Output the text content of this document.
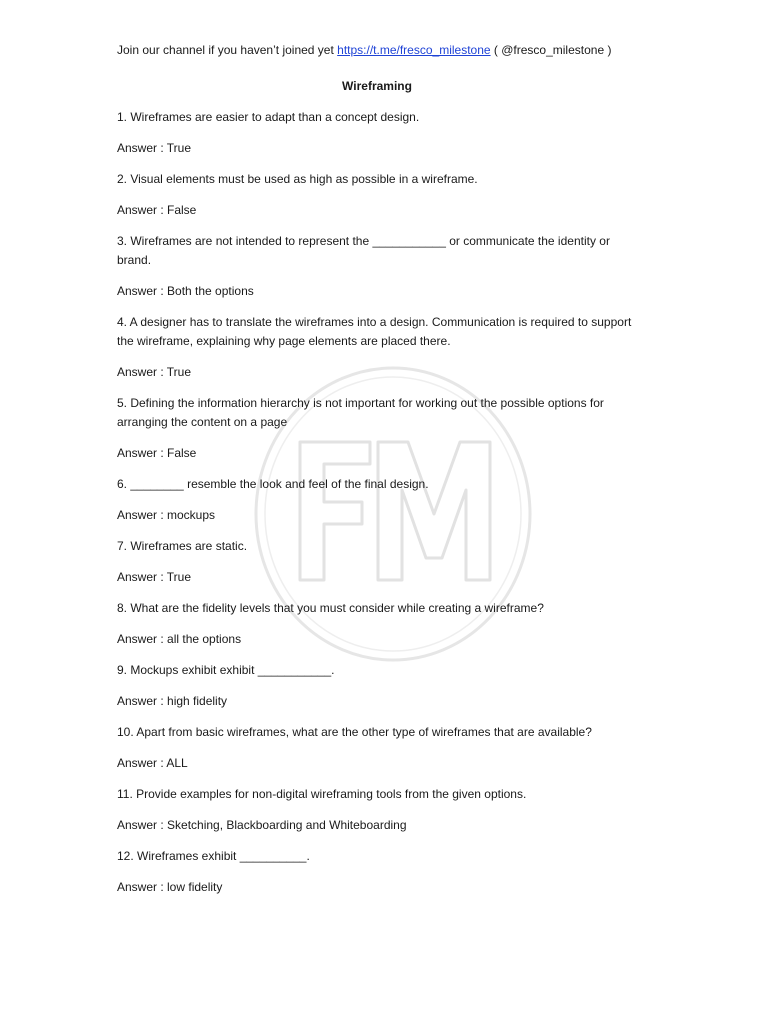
Join our channel if you haven’t joined yet https://t.me/fresco_milestone ( @fresco_milestone )

Wireframing

1. Wireframes are easier to adapt than a concept design.

Answer : True

2. Visual elements must be used as high as possible in a wireframe.

Answer : False

3. Wireframes are not intended to represent the ___________ or communicate the identity or brand.

Answer : Both the options

4. A designer has to translate the wireframes into a design. Communication is required to support the wireframe, explaining why page elements are placed there.

Answer : True

5. Defining the information hierarchy is not important for working out the possible options for arranging the content on a page

Answer : False

6. ________ resemble the look and feel of the final design.

Answer : mockups

7. Wireframes are static.

Answer : True

8. What are the fidelity levels that you must consider while creating a wireframe?

Answer : all the options

9. Mockups exhibit exhibit ___________.

Answer : high fidelity

10. Apart from basic wireframes, what are the other type of wireframes that are available?

Answer : ALL

11. Provide examples for non-digital wireframing tools from the given options.

Answer : Sketching, Blackboarding and Whiteboarding

12. Wireframes exhibit __________.

Answer : low fidelity
